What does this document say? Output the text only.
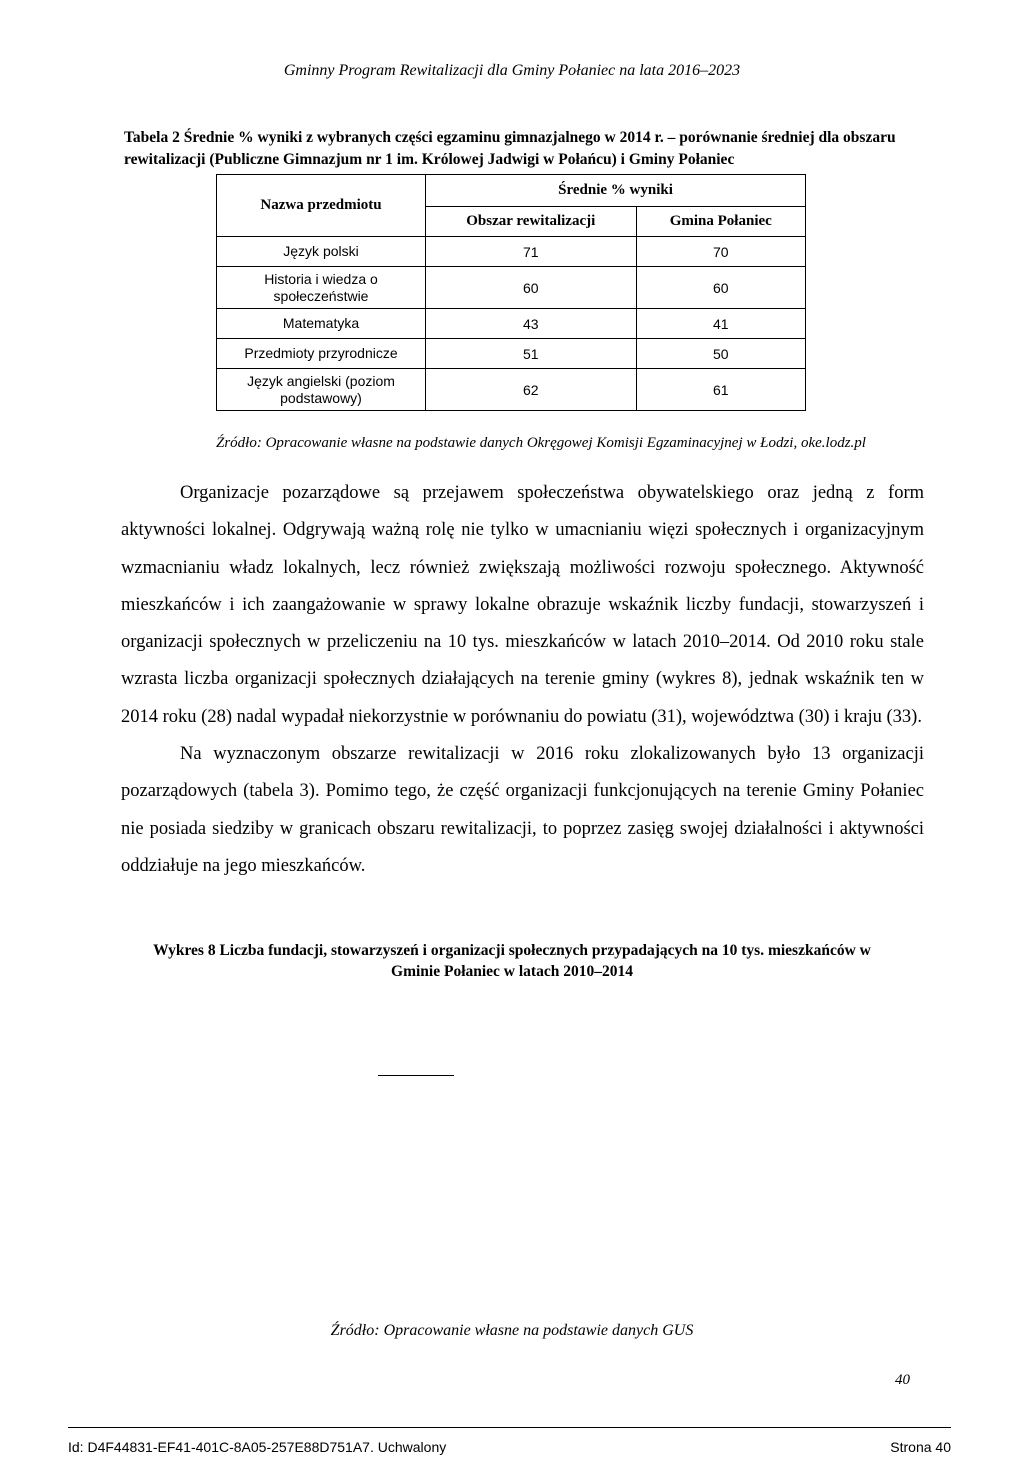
Gminny Program Rewitalizacji dla Gminy Połaniec na lata 2016–2023
Tabela 2 Średnie % wyniki z wybranych części egzaminu gimnazjalnego w 2014 r. – porównanie średniej dla obszaru rewitalizacji (Publiczne Gimnazjum nr 1 im. Królowej Jadwigi w Połańcu) i Gminy Połaniec
Nazwa przedmiotu	Średnie % wyniki	
	Obszar rewitalizacji	Gmina Połaniec
Język polski	71	70
Historia i wiedza o społeczeństwie	60	60
Matematyka	43	41
Przedmioty przyrodnicze	51	50
Język angielski (poziom podstawowy)	62	61
Źródło: Opracowanie własne na podstawie danych Okręgowej Komisji Egzaminacyjnej w Łodzi, oke.lodz.pl

Organizacje pozarządowe są przejawem społeczeństwa obywatelskiego oraz jedną z form aktywności lokalnej. Odgrywają ważną rolę nie tylko w umacnianiu więzi społecznych i organizacyjnym wzmacnianiu władz lokalnych, lecz również zwiększają możliwości rozwoju społecznego. Aktywność mieszkańców i ich zaangażowanie w sprawy lokalne obrazuje wskaźnik liczby fundacji, stowarzyszeń i organizacji społecznych w przeliczeniu na 10 tys. mieszkańców w latach 2010–2014. Od 2010 roku stale wzrasta liczba organizacji społecznych działających na terenie gminy (wykres 8), jednak wskaźnik ten w 2014 roku (28) nadal wypadał niekorzystnie w porównaniu do powiatu (31), województwa (30) i kraju (33).

Na wyznaczonym obszarze rewitalizacji w 2016 roku zlokalizowanych było 13 organizacji pozarządowych (tabela 3). Pomimo tego, że część organizacji funkcjonujących na terenie Gminy Połaniec nie posiada siedziby w granicach obszaru rewitalizacji, to poprzez zasięg swojej działalności i aktywności oddziałuje na jego mieszkańców.

Wykres 8 Liczba fundacji, stowarzyszeń i organizacji społecznych przypadających na 10 tys. mieszkańców w Gminie Połaniec w latach 2010–2014
Źródło: Opracowanie własne na podstawie danych GUS
40
Id: D4F44831-EF41-401C-8A05-257E88D751A7. Uchwalony	Strona 40
